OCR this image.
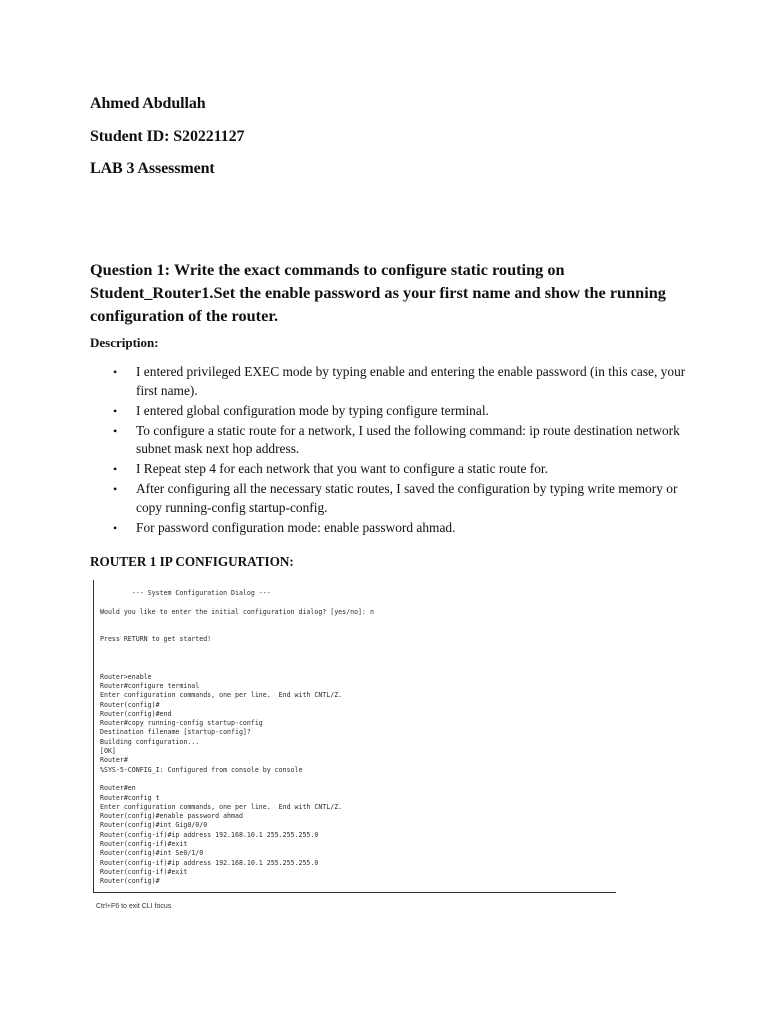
Ahmed Abdullah
Student ID: S20221127
LAB 3 Assessment
Question 1: Write the exact commands to configure static routing on Student_Router1.Set the enable password as your first name and show the running configuration of the router.
Description:
• I entered privileged EXEC mode by typing enable and entering the enable password (in this case, your first name).
• I entered global configuration mode by typing configure terminal.
• To configure a static route for a network, I used the following command: ip route destination network subnet mask next hop address.
• I Repeat step 4 for each network that you want to configure a static route for.
• After configuring all the necessary static routes, I saved the configuration by typing write memory or copy running-config startup-config.
• For password configuration mode: enable password ahmad.
ROUTER 1 IP CONFIGURATION:
--- System Configuration Dialog ---

Would you like to enter the initial configuration dialog? [yes/no]: n

Press RETURN to get started!

Router>enable
Router#configure terminal
Enter configuration commands, one per line.  End with CNTL/Z.
Router(config)#
Router(config)#end
Router#copy running-config startup-config
Destination filename [startup-config]?
Building configuration...
[OK]
Router#
%SYS-5-CONFIG_I: Configured from console by console

Router#en
Router#config t
Enter configuration commands, one per line.  End with CNTL/Z.
Router(config)#enable password ahmad
Router(config)#int Gig0/0/0
Router(config-if)#ip address 192.168.10.1 255.255.255.0
Router(config-if)#exit
Router(config)#int Se0/1/0
Router(config-if)#ip address 192.168.10.1 255.255.255.0
Router(config-if)#exit
Router(config)#
Ctrl+F6 to exit CLI focus
